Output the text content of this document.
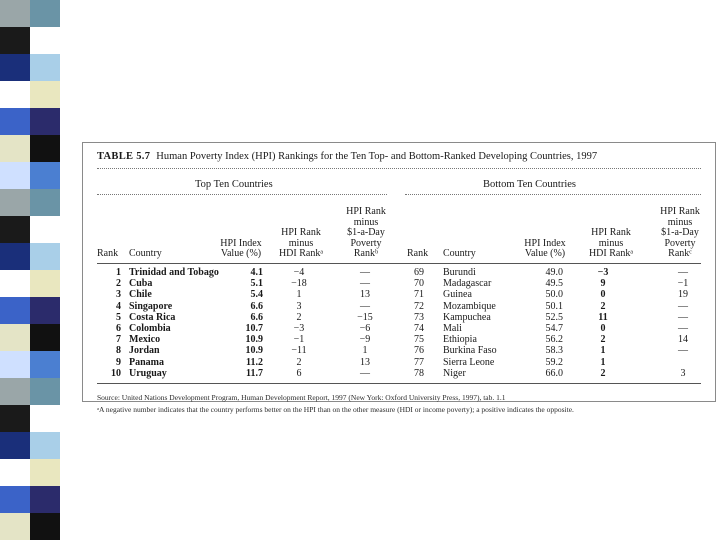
TABLE 5.7 Human Poverty Index (HPI) Rankings for the Ten Top- and Bottom-Ranked Developing Countries, 1997
Top Ten Countries	Bottom Ten Countries
Rank	Country
HPI Index
Value (%)
HPI Rank
minus
HDI Rankᵃ
HPI Rank
minus
$1-a-Day
Poverty
Rankᵇ	Rank	Country
HPI Index
Value (%)
HPI Rank
minus
HDI Rankᵃ
HPI Rank
minus
$1-a-Day
Poverty
Rankᶜ
1 Trinidad and Tobago	4.1	−4	—	69 Burundi	49.0	−3	—
2 Cuba	5.1	−18	—	70 Madagascar	49.5	9	−1
3 Chile	5.4	1	13	71 Guinea	50.0	0	19
4 Singapore	6.6	3	—	72 Mozambique	50.1	2	—
5 Costa Rica	6.6	2	−15	73 Kampuchea	52.5	11	—
6 Colombia	10.7	−3	−6	74 Mali	54.7	0	—
7 Mexico	10.9	−1	−9	75 Ethiopia	56.2	2	14
8 Jordan	10.9	−11	1	76 Burkina Faso	58.3	1	—
9 Panama	11.2	2	13	77 Sierra Leone	59.2	1
10 Uruguay	11.7	6	—	78 Niger	66.0	2	3
Source: United Nations Development Program, Human Development Report, 1997 (New York: Oxford University Press, 1997), tab. 1.1
ᵃA negative number indicates that the country performs better on the HPI than on the other measure (HDI or income poverty); a positive indicates the opposite.
